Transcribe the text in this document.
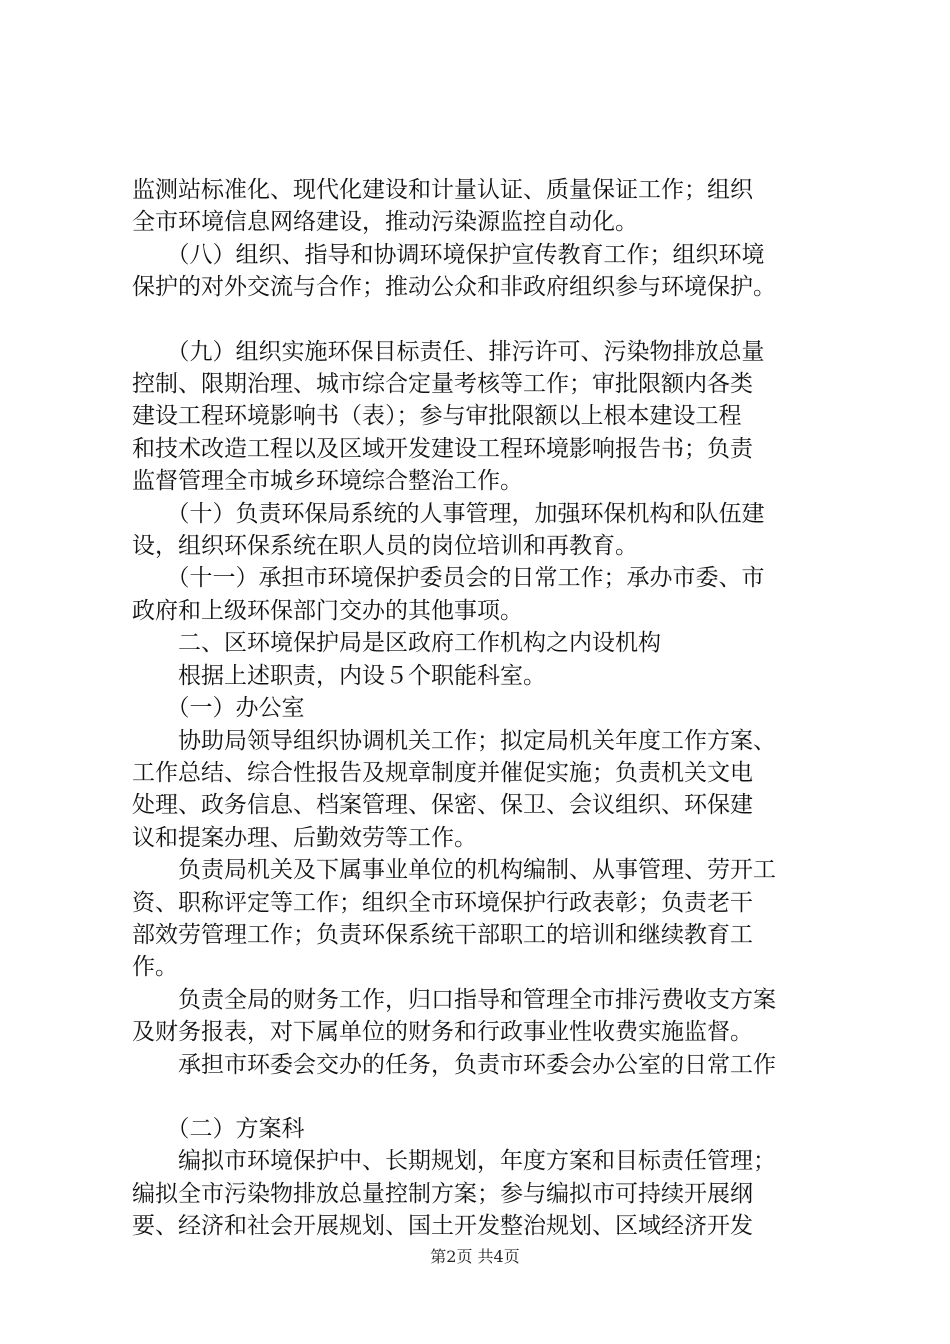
监测站标准化、现代化建设和计量认证、质量保证工作；组织

全市环境信息网络建设，推动污染源监控自动化。

　　（八）组织、指导和协调环境保护宣传教育工作；组织环境

保护的对外交流与合作；推动公众和非政府组织参与环境保护。

　　（九）组织实施环保目标责任、排污许可、污染物排放总量

控制、限期治理、城市综合定量考核等工作；审批限额内各类

建设工程环境影响书（表）；参与审批限额以上根本建设工程

和技术改造工程以及区域开发建设工程环境影响报告书；负责

监督管理全市城乡环境综合整治工作。

　　（十）负责环保局系统的人事管理，加强环保机构和队伍建

设，组织环保系统在职人员的岗位培训和再教育。

　　（十一）承担市环境保护委员会的日常工作；承办市委、市

政府和上级环保部门交办的其他事项。

　　二、区环境保护局是区政府工作机构之内设机构

　　根据上述职责，内设５个职能科室。

　　（一）办公室

　　协助局领导组织协调机关工作；拟定局机关年度工作方案、

工作总结、综合性报告及规章制度并催促实施；负责机关文电

处理、政务信息、档案管理、保密、保卫、会议组织、环保建

议和提案办理、后勤效劳等工作。

　　负责局机关及下属事业单位的机构编制、从事管理、劳开工

资、职称评定等工作；组织全市环境保护行政表彰；负责老干

部效劳管理工作；负责环保系统干部职工的培训和继续教育工

作。

　　负责全局的财务工作，归口指导和管理全市排污费收支方案

及财务报表，对下属单位的财务和行政事业性收费实施监督。

　　承担市环委会交办的任务，负责市环委会办公室的日常工作

　　（二）方案科

　　编拟市环境保护中、长期规划，年度方案和目标责任管理；

编拟全市污染物排放总量控制方案；参与编拟市可持续开展纲

要、经济和社会开展规划、国土开发整治规划、区域经济开发

第2页 共4页
